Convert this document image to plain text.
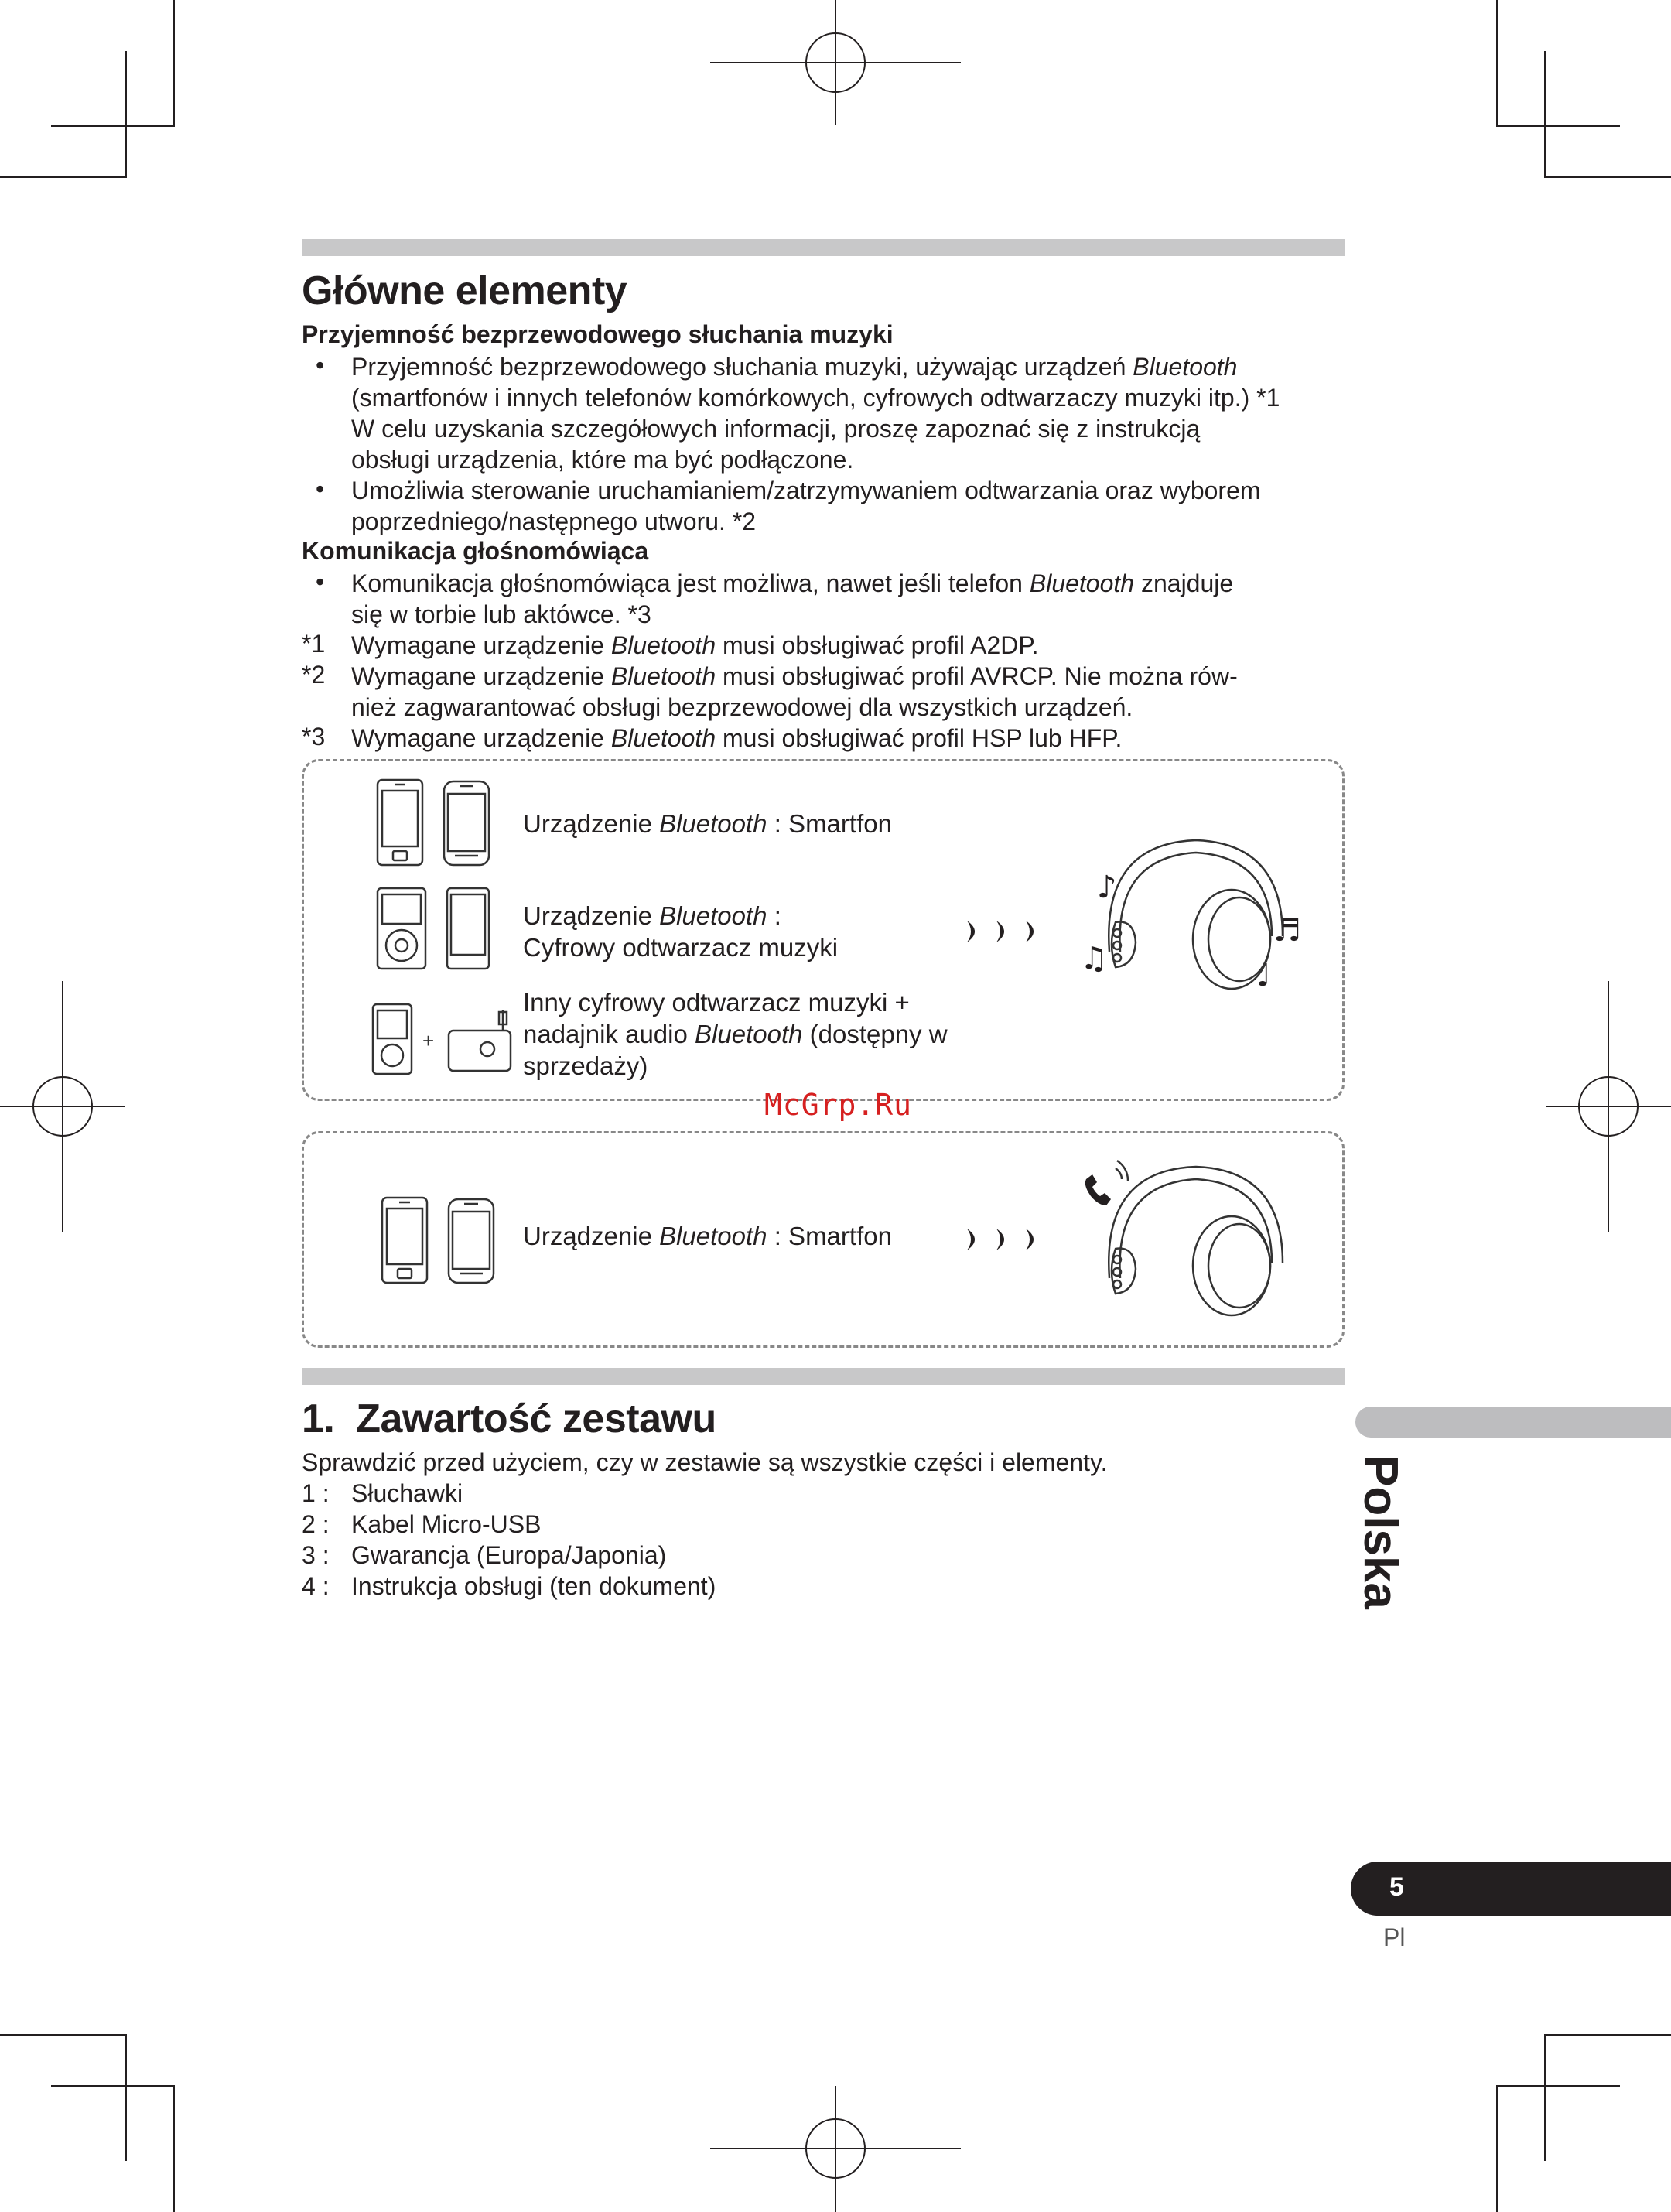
Główne elementy
Przyjemność bezprzewodowego słuchania muzyki
• Przyjemność bezprzewodowego słuchania muzyki, używając urządzeń Bluetooth
(smartfonów i innych telefonów komórkowych, cyfrowych odtwarzaczy muzyki itp.) *1
W celu uzyskania szczegółowych informacji, proszę zapoznać się z instrukcją
obsługi urządzenia, które ma być podłączone.
• Umożliwia sterowanie uruchamianiem/zatrzymywaniem odtwarzania oraz wyborem
poprzedniego/następnego utworu. *2
Komunikacja głośnomówiąca
• Komunikacja głośnomówiąca jest możliwa, nawet jeśli telefon Bluetooth znajduje
się w torbie lub aktówce. *3
*1 Wymagane urządzenie Bluetooth musi obsługiwać profil A2DP.
*2 Wymagane urządzenie Bluetooth musi obsługiwać profil AVRCP. Nie można rów-
nież zagwarantować obsługi bezprzewodowej dla wszystkich urządzeń.
*3 Wymagane urządzenie Bluetooth musi obsługiwać profil HSP lub HFP.
Urządzenie Bluetooth : Smartfon
Urządzenie Bluetooth :
Cyfrowy odtwarzacz muzyki
+
Inny cyfrowy odtwarzacz muzyki +
nadajnik audio Bluetooth (dostępny w
sprzedaży)
♪
♫
♬
♩
McGrp.Ru
Urządzenie Bluetooth : Smartfon
1.  Zawartość zestawu
Sprawdzić przed użyciem, czy w zestawie są wszystkie części i elementy.
1 : Słuchawki
2 : Kabel Micro-USB
3 : Gwarancja (Europa/Japonia)
4 : Instrukcja obsługi (ten dokument)	Polska
5
Pl
